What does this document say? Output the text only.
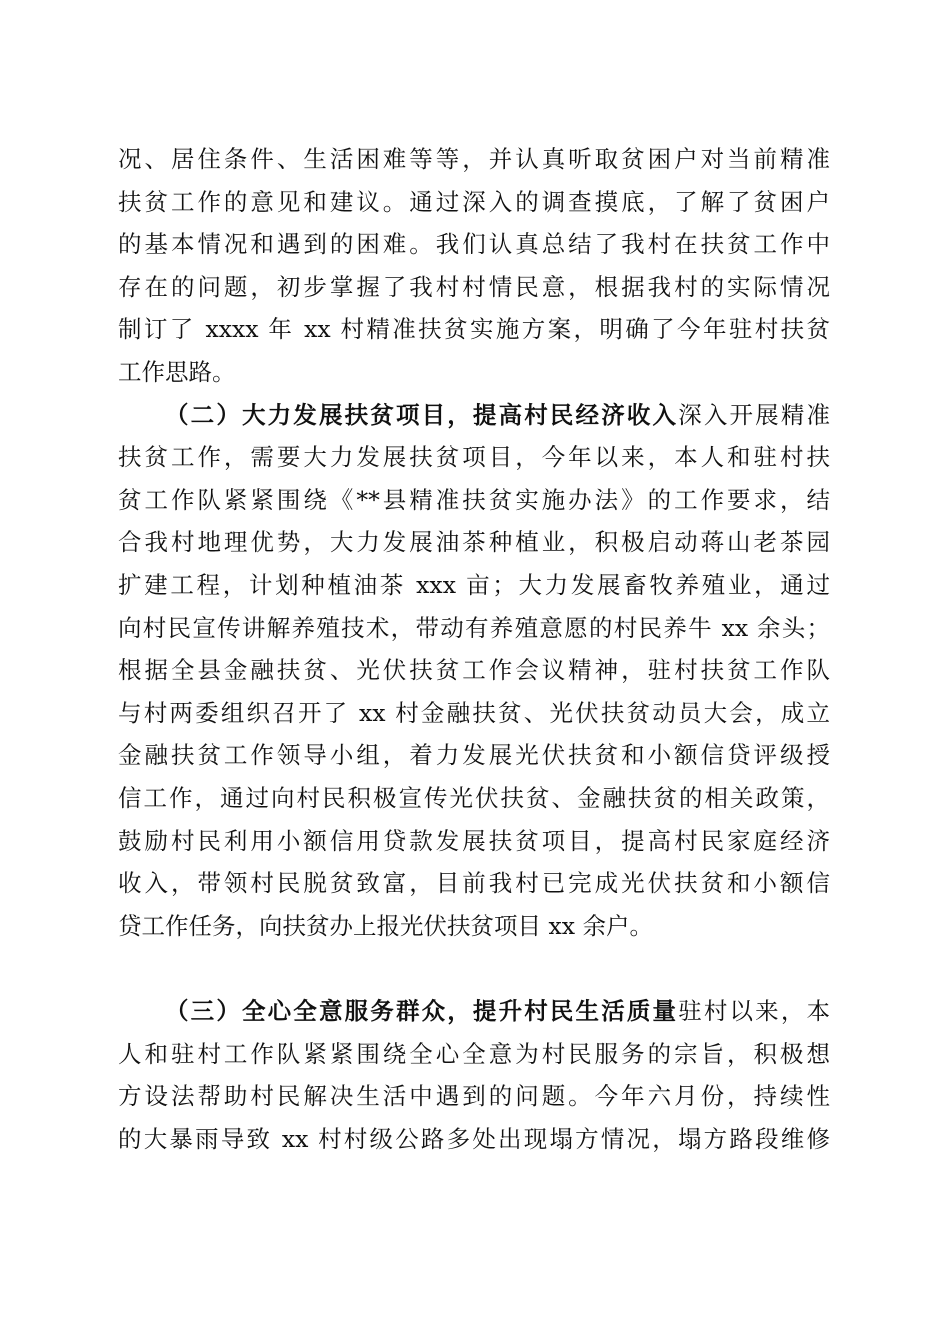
况、居住条件、生活困难等等，并认真听取贫困户对当前精准
扶贫工作的意见和建议。通过深入的调查摸底，了解了贫困户
的基本情况和遇到的困难。我们认真总结了我村在扶贫工作中
存在的问题，初步掌握了我村村情民意，根据我村的实际情况
制订了 xxxx 年 xx 村精准扶贫实施方案，明确了今年驻村扶贫
工作思路。
（二）大力发展扶贫项目，提高村民经济收入深入开展精准
扶贫工作，需要大力发展扶贫项目，今年以来，本人和驻村扶
贫工作队紧紧围绕《**县精准扶贫实施办法》的工作要求，结
合我村地理优势，大力发展油茶种植业，积极启动蒋山老茶园
扩建工程，计划种植油茶 xxx 亩；大力发展畜牧养殖业，通过
向村民宣传讲解养殖技术，带动有养殖意愿的村民养牛 xx 余头；
根据全县金融扶贫、光伏扶贫工作会议精神，驻村扶贫工作队
与村两委组织召开了 xx 村金融扶贫、光伏扶贫动员大会，成立
金融扶贫工作领导小组，着力发展光伏扶贫和小额信贷评级授
信工作，通过向村民积极宣传光伏扶贫、金融扶贫的相关政策，
鼓励村民利用小额信用贷款发展扶贫项目，提高村民家庭经济
收入，带领村民脱贫致富，目前我村已完成光伏扶贫和小额信
贷工作任务，向扶贫办上报光伏扶贫项目 xx 余户。
（三）全心全意服务群众，提升村民生活质量驻村以来，本
人和驻村工作队紧紧围绕全心全意为村民服务的宗旨，积极想
方设法帮助村民解决生活中遇到的问题。今年六月份，持续性
的大暴雨导致 xx 村村级公路多处出现塌方情况，塌方路段维修
